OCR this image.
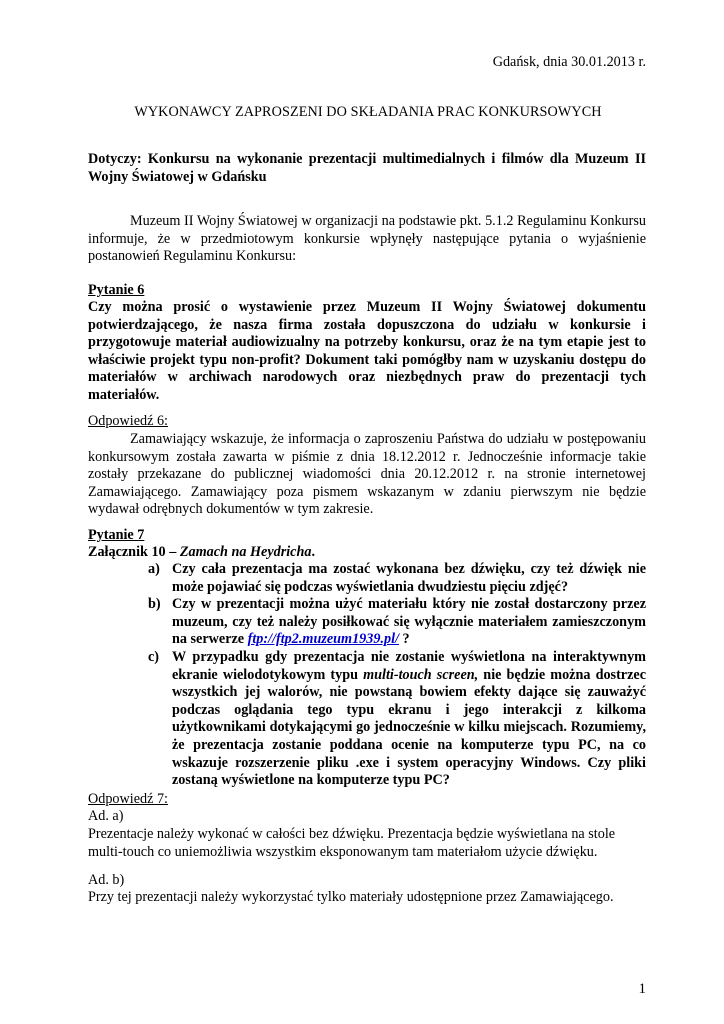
Gdańsk, dnia 30.01.2013 r.
WYKONAWCY ZAPROSZENI DO SKŁADANIA PRAC KONKURSOWYCH
Dotyczy: Konkursu na wykonanie prezentacji multimedialnych i filmów dla Muzeum II Wojny Światowej w Gdańsku
Muzeum II Wojny Światowej w organizacji na podstawie pkt. 5.1.2 Regulaminu Konkursu informuje, że w przedmiotowym konkursie wpłynęły następujące pytania o wyjaśnienie postanowień Regulaminu Konkursu:
Pytanie 6
Czy można prosić o wystawienie przez Muzeum II Wojny Światowej dokumentu potwierdzającego, że nasza firma została dopuszczona do udziału w konkursie i przygotowuje materiał audiowizualny na potrzeby konkursu, oraz że na tym etapie jest to właściwie projekt typu non-profit? Dokument taki pomógłby nam w uzyskaniu dostępu do materiałów w archiwach narodowych oraz niezbędnych praw do prezentacji tych materiałów.
Odpowiedź 6:
Zamawiający wskazuje, że informacja o zaproszeniu Państwa do udziału w postępowaniu konkursowym została zawarta w piśmie z dnia 18.12.2012 r. Jednocześnie informacje takie zostały przekazane do publicznej wiadomości dnia 20.12.2012 r. na stronie internetowej Zamawiającego. Zamawiający poza pismem wskazanym w zdaniu pierwszym nie będzie wydawał odrębnych dokumentów w tym zakresie.
Pytanie 7
Załącznik 10 – Zamach na Heydricha.
a) Czy cała prezentacja ma zostać wykonana bez dźwięku, czy też dźwięk nie może pojawiać się podczas wyświetlania dwudziestu pięciu zdjęć?
b) Czy w prezentacji można użyć materiału który nie został dostarczony przez muzeum, czy też należy posiłkować się wyłącznie materiałem zamieszczonym na serwerze ftp://ftp2.muzeum1939.pl/ ?
c) W przypadku gdy prezentacja nie zostanie wyświetlona na interaktywnym ekranie wielodotykowym typu multi-touch screen, nie będzie można dostrzec wszystkich jej walorów, nie powstaną bowiem efekty dające się zauważyć podczas oglądania tego typu ekranu i jego interakcji z kilkoma użytkownikami dotykającymi go jednocześnie w kilku miejscach. Rozumiemy, że prezentacja zostanie poddana ocenie na komputerze typu PC, na co wskazuje rozszerzenie pliku .exe i system operacyjny Windows. Czy pliki zostaną wyświetlone na komputerze typu PC?
Odpowiedź 7:
Ad. a)
Prezentacje należy wykonać w całości bez dźwięku. Prezentacja będzie wyświetlana na stole multi-touch co uniemożliwia wszystkim eksponowanym tam materiałom użycie dźwięku.
Ad. b)
Przy tej prezentacji należy wykorzystać tylko materiały udostępnione przez Zamawiającego.
1
